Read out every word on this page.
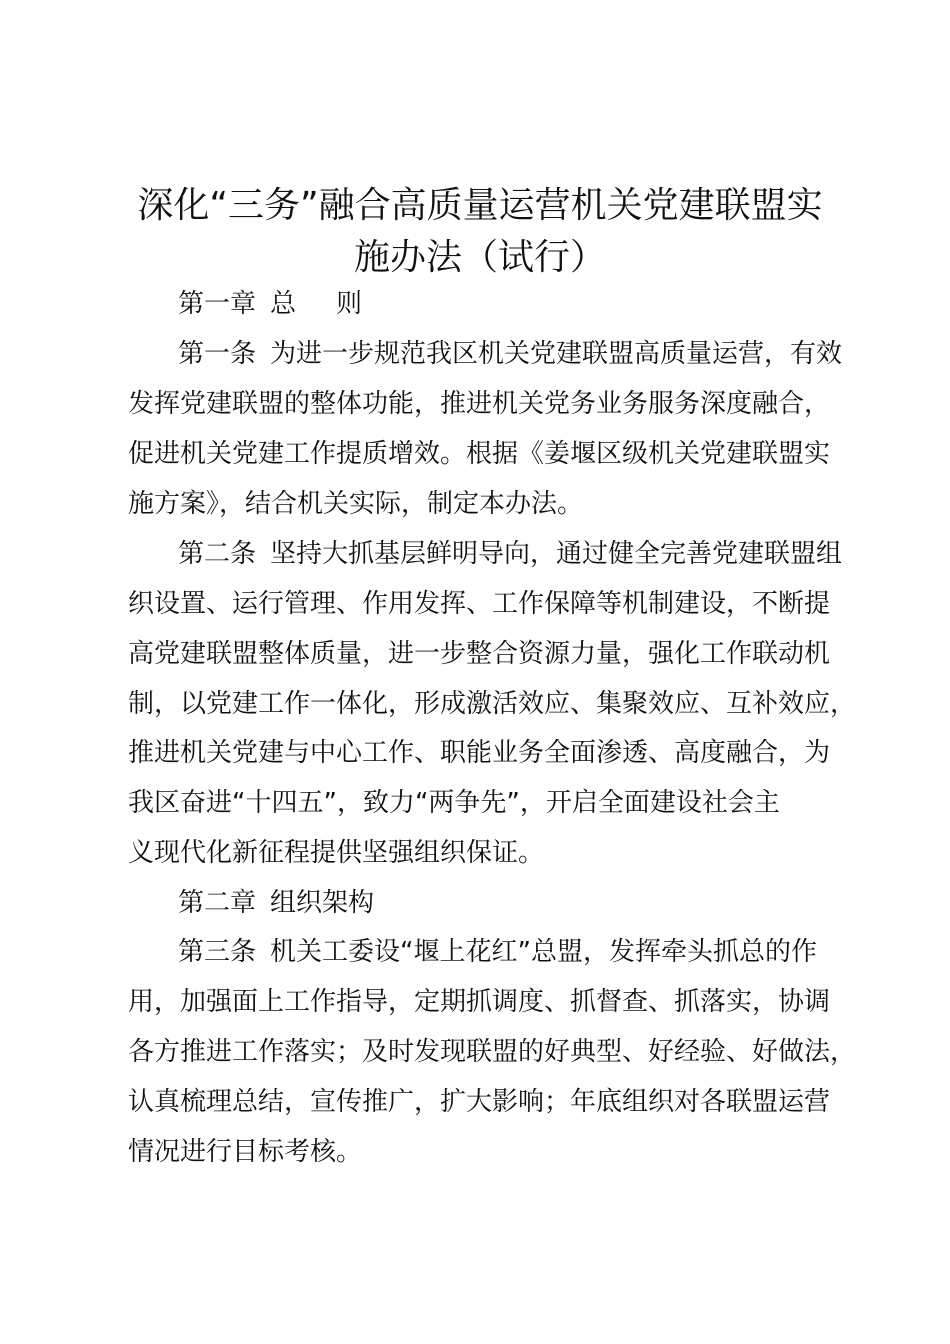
深化“三务”融合高质量运营机关党建联盟实
施办法（试行）
第一章 总 则
第一条 为进一步规范我区机关党建联盟高质量运营，有效
发挥党建联盟的整体功能，推进机关党务业务服务深度融合，
促进机关党建工作提质增效。根据《姜堰区级机关党建联盟实
施方案》，结合机关实际，制定本办法。
第二条 坚持大抓基层鲜明导向，通过健全完善党建联盟组
织设置、运行管理、作用发挥、工作保障等机制建设，不断提
高党建联盟整体质量，进一步整合资源力量，强化工作联动机
制，以党建工作一体化，形成激活效应、集聚效应、互补效应，
推进机关党建与中心工作、职能业务全面渗透、高度融合，为
我区奋进“十四五”，致力“两争先”，开启全面建设社会主
义现代化新征程提供坚强组织保证。
第二章 组织架构
第三条 机关工委设“堰上花红”总盟，发挥牵头抓总的作
用，加强面上工作指导，定期抓调度、抓督查、抓落实，协调
各方推进工作落实；及时发现联盟的好典型、好经验、好做法，
认真梳理总结，宣传推广，扩大影响；年底组织对各联盟运营
情况进行目标考核。
